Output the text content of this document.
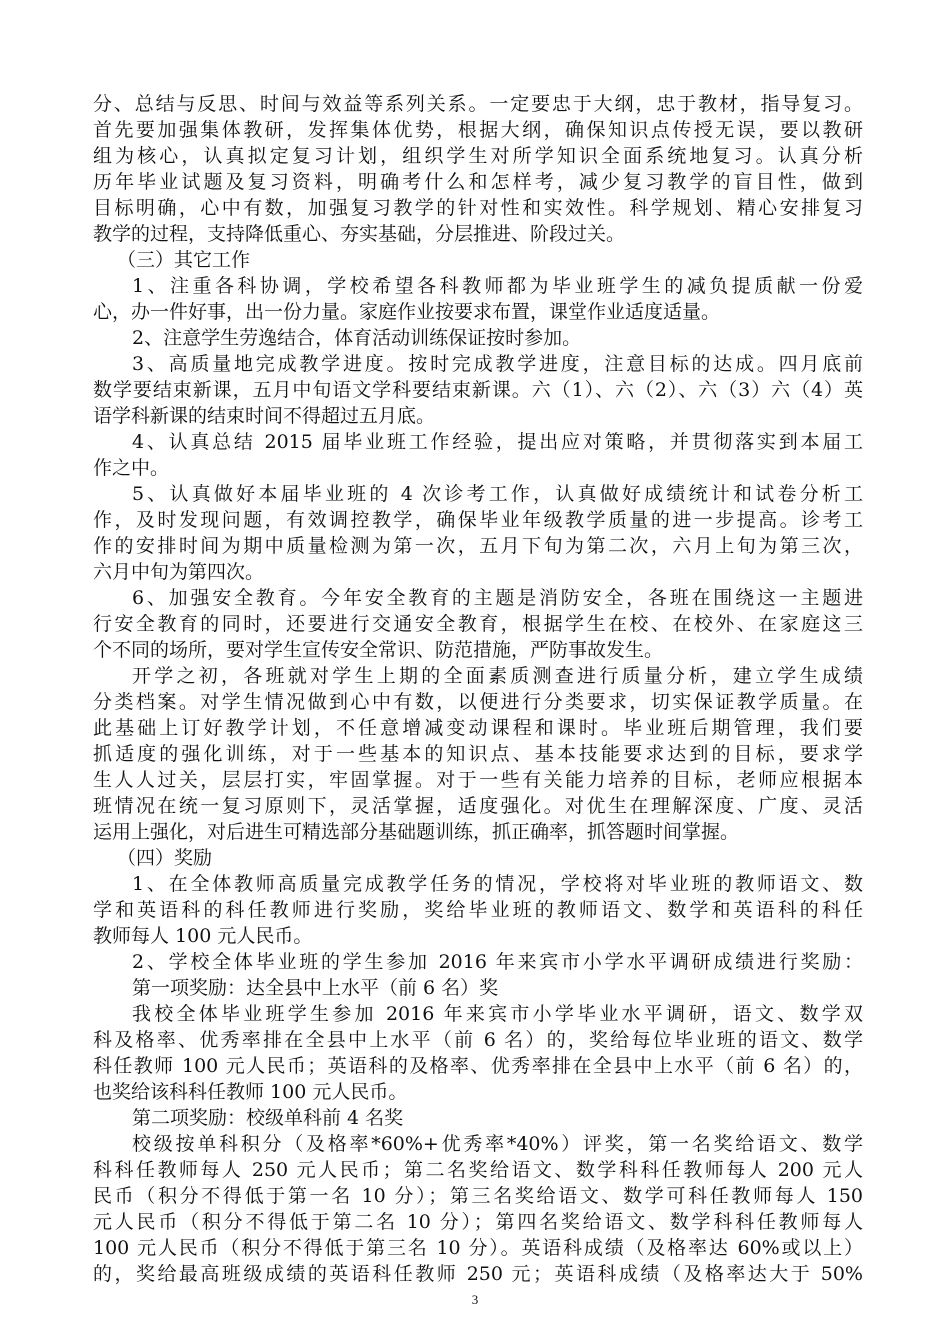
分、总结与反思、时间与效益等系列关系。一定要忠于大纲，忠于教材，指导复习。
首先要加强集体教研，发挥集体优势，根据大纲，确保知识点传授无误，要以教研
组为核心，认真拟定复习计划，组织学生对所学知识全面系统地复习。认真分析
历年毕业试题及复习资料，明确考什么和怎样考，减少复习教学的盲目性，做到
目标明确，心中有数，加强复习教学的针对性和实效性。科学规划、精心安排复习
教学的过程，支持降低重心、夯实基础，分层推进、阶段过关。
（三）其它工作
1、注重各科协调，学校希望各科教师都为毕业班学生的减负提质献一份爱
心，办一件好事，出一份力量。家庭作业按要求布置，课堂作业适度适量。
2、注意学生劳逸结合，体育活动训练保证按时参加。
3、高质量地完成教学进度。按时完成教学进度，注意目标的达成。四月底前
数学要结束新课，五月中旬语文学科要结束新课。六（1）、六（2）、六（3）六（4）英
语学科新课的结束时间不得超过五月底。
4、认真总结 2015 届毕业班工作经验，提出应对策略，并贯彻落实到本届工
作之中。
5、认真做好本届毕业班的 4 次诊考工作，认真做好成绩统计和试卷分析工
作，及时发现问题，有效调控教学，确保毕业年级教学质量的进一步提高。诊考工
作的安排时间为期中质量检测为第一次，五月下旬为第二次，六月上旬为第三次，
六月中旬为第四次。
6、加强安全教育。今年安全教育的主题是消防安全，各班在围绕这一主题进
行安全教育的同时，还要进行交通安全教育，根据学生在校、在校外、在家庭这三
个不同的场所，要对学生宣传安全常识、防范措施，严防事故发生。
开学之初，各班就对学生上期的全面素质测查进行质量分析，建立学生成绩
分类档案。对学生情况做到心中有数，以便进行分类要求，切实保证教学质量。在
此基础上订好教学计划，不任意增减变动课程和课时。毕业班后期管理，我们要
抓适度的强化训练，对于一些基本的知识点、基本技能要求达到的目标，要求学
生人人过关，层层打实，牢固掌握。对于一些有关能力培养的目标，老师应根据本
班情况在统一复习原则下，灵活掌握，适度强化。对优生在理解深度、广度、灵活
运用上强化，对后进生可精选部分基础题训练，抓正确率，抓答题时间掌握。
（四）奖励
1、在全体教师高质量完成教学任务的情况，学校将对毕业班的教师语文、数
学和英语科的科任教师进行奖励，奖给毕业班的教师语文、数学和英语科的科任
教师每人 100 元人民币。
2、学校全体毕业班的学生参加 2016 年来宾市小学水平调研成绩进行奖励：
第一项奖励：达全县中上水平（前 6 名）奖
我校全体毕业班学生参加 2016 年来宾市小学毕业水平调研，语文、数学双
科及格率、优秀率排在全县中上水平（前 6 名）的，奖给每位毕业班的语文、数学
科任教师 100 元人民币；英语科的及格率、优秀率排在全县中上水平（前 6 名）的，
也奖给该科科任教师 100 元人民币。
第二项奖励：校级单科前 4 名奖
校级按单科积分（及格率*60%+优秀率*40%）评奖，第一名奖给语文、数学
科科任教师每人 250 元人民币；第二名奖给语文、数学科科任教师每人 200 元人
民币（积分不得低于第一名 10 分）；第三名奖给语文、数学可科任教师每人 150
元人民币（积分不得低于第二名 10 分）；第四名奖给语文、数学科科任教师每人
100 元人民币（积分不得低于第三名 10 分）。英语科成绩（及格率达 60%或以上）
的，奖给最高班级成绩的英语科任教师 250 元；英语科成绩（及格率达大于 50%
3
